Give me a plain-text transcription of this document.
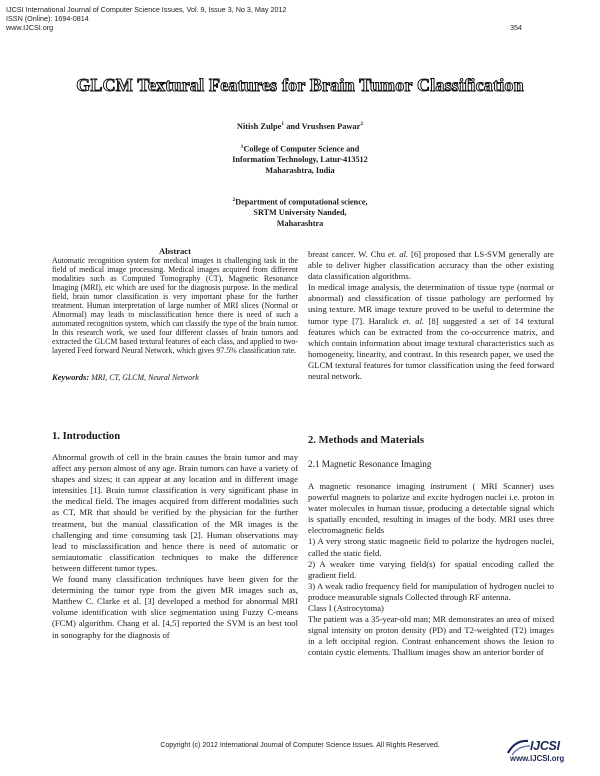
IJCSI International Journal of Computer Science Issues, Vol. 9, Issue 3, No 3, May 2012
ISSN (Online): 1694-0814
www.IJCSI.org	354
GLCM Textural Features for Brain Tumor Classification
Nitish Zulpe$^1$ and Vrushsen Pawar$^2$
$^1$College of Computer Science and
Information Technology, Latur-413512
Maharashtra, India
$^2$Department of computational science,
SRTM University Nanded,
Maharashtra
Abstract
Automatic recognition system for medical images is challenging task in the field of medical image processing. Medical images acquired from different modalities such as Computed Tomography (CT), Magnetic Resonance Imaging (MRI), etc which are used for the diagnosis purpose. In the medical field, brain tumor classification is very important phase for the further treatment. Human interpretation of large number of MRI slices (Normal or Abnormal) may leads to misclassification hence there is need of such a automated recognition system, which can classify the type of the brain tumor. In this research work, we used four different classes of brain tumors and extracted the GLCM based textural features of each class, and applied to two-layered Feed forward Neural Network, which gives 97.5% classification rate.
Keywords: MRI, CT, GLCM, Neural Network
1. Introduction

Abnormal growth of cell in the brain causes the brain tumor and may affect any person almost of any age. Brain tumors can have a variety of shapes and sizes; it can appear at any location and in different image intensities [1]. Brain tumor classification is very significant phase in the medical field. The images acquired from different modalities such as CT, MR that should be verified by the physician for the further treatment, but the manual classification of the MR images is the challenging and time consuming task [2]. Human observations may lead to misclassification and hence there is need of automatic or semiautomatic classification techniques to make the difference between different tumor types.

We found many classification techniques have been given for the determining the tumor type from the given MR images such as, Matthew C. Clarke et al. [3] developed a method for abnormal MRI volume identification with slice segmentation using Fuzzy C-means (FCM) algorithm. Chang et al. [4,5] reported the SVM is an best tool in sonography for the diagnosis of

breast cancer. W. Chu et. al. [6] proposed that LS-SVM generally are able to deliver higher classification accuracy than the other existing data classification algorithms.

In medical image analysis, the determination of tissue type (normal or abnormal) and classification of tissue pathology are performed by using texture. MR image texture proved to be useful to determine the tumor type [7]. Haralick et. al. [8] suggested a set of 14 textural features which can be extracted from the co-occurrence matrix, and which contain information about image textural characteristics such as homogeneity, linearity, and contrast. In this research paper, we used the GLCM textural features for tumor classification using the feed forward neural network.

2. Methods and Materials
2.1 Magnetic Resonance Imaging

A magnetic resonance imaging instrument ( MRI Scanner) uses powerful magnets to polarize and excite hydrogen nuclei i.e. proton in water molecules in human tissue, producing a detectable signal which is spatially encoded, resulting in images of the body. MRI uses three electromagnetic fields

1) A very strong static magnetic field to polarize the hydrogen nuclei, called the static field.

2) A weaker time varying field(s) for spatial encoding called the gradient field.

3) A weak radio frequency field for manipulation of hydrogen nuclei to produce measurable signals Collected through RF antenna.

Class I (Astrocytoma)

The patient was a 35-year-old man; MR demonstrates an area of mixed signal intensity on proton density (PD) and T2-weighted (T2) images in a left occipital region. Contrast enhancement shows the lesion to contain cystic elements. Thallium images show an anterior border of

Copyright (c) 2012 International Journal of Computer Science Issues. All Rights Reserved.	IJCSI
www.IJCSI.org
